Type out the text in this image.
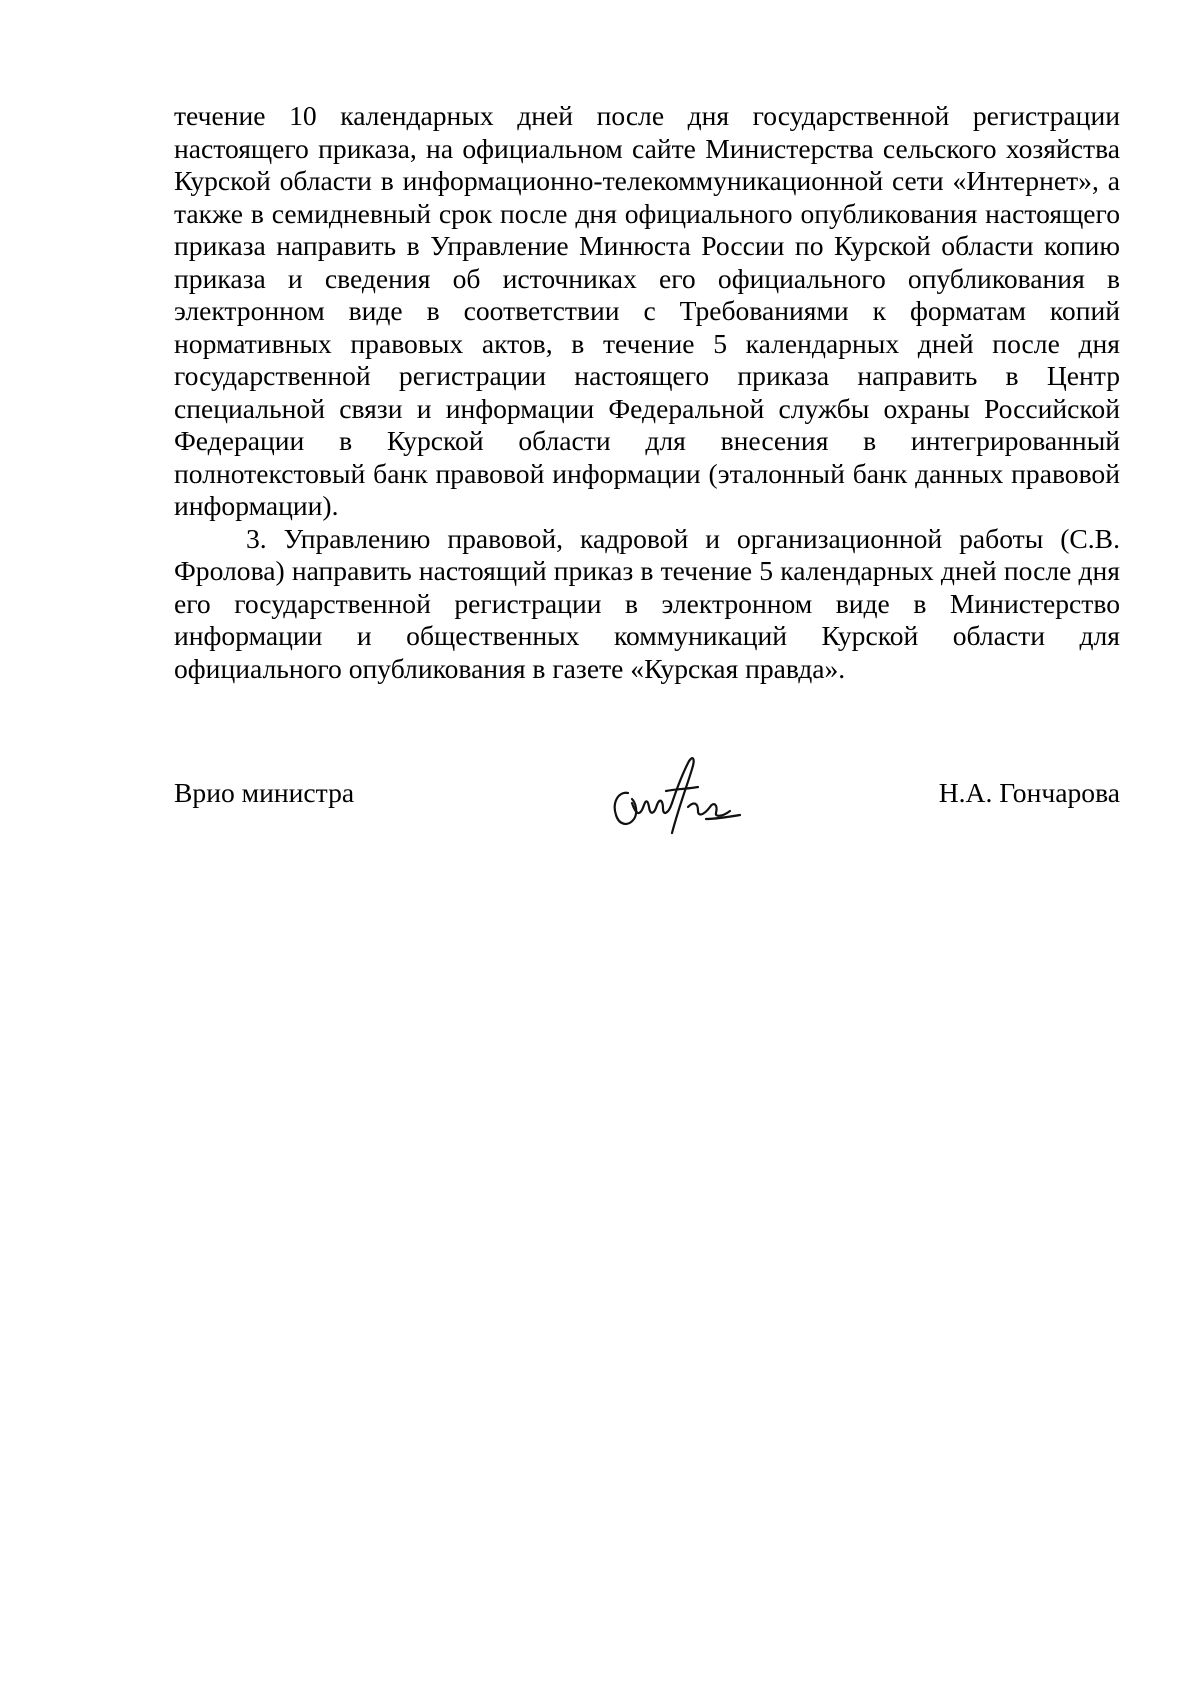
течение 10 календарных дней после дня государственной регистрации настоящего приказа, на официальном сайте Министерства сельского хозяйства Курской области в информационно-телекоммуникационной сети «Интернет», а также в семидневный срок после дня официального опубликования настоящего приказа направить в Управление Минюста России по Курской области копию приказа и сведения об источниках его официального опубликования в электронном виде в соответствии с Требованиями к форматам копий нормативных правовых актов, в течение 5 календарных дней после дня государственной регистрации настоящего приказа направить в Центр специальной связи и информации Федеральной службы охраны Российской Федерации в Курской области для внесения в интегрированный полнотекстовый банк правовой информации (эталонный банк данных правовой информации).

3. Управлению правовой, кадровой и организационной работы (С.В. Фролова) направить настоящий приказ в течение 5 календарных дней после дня его государственной регистрации в электронном виде в Министерство информации и общественных коммуникаций Курской области для официального опубликования в газете «Курская правда».

Врио министра	Н.А. Гончарова
